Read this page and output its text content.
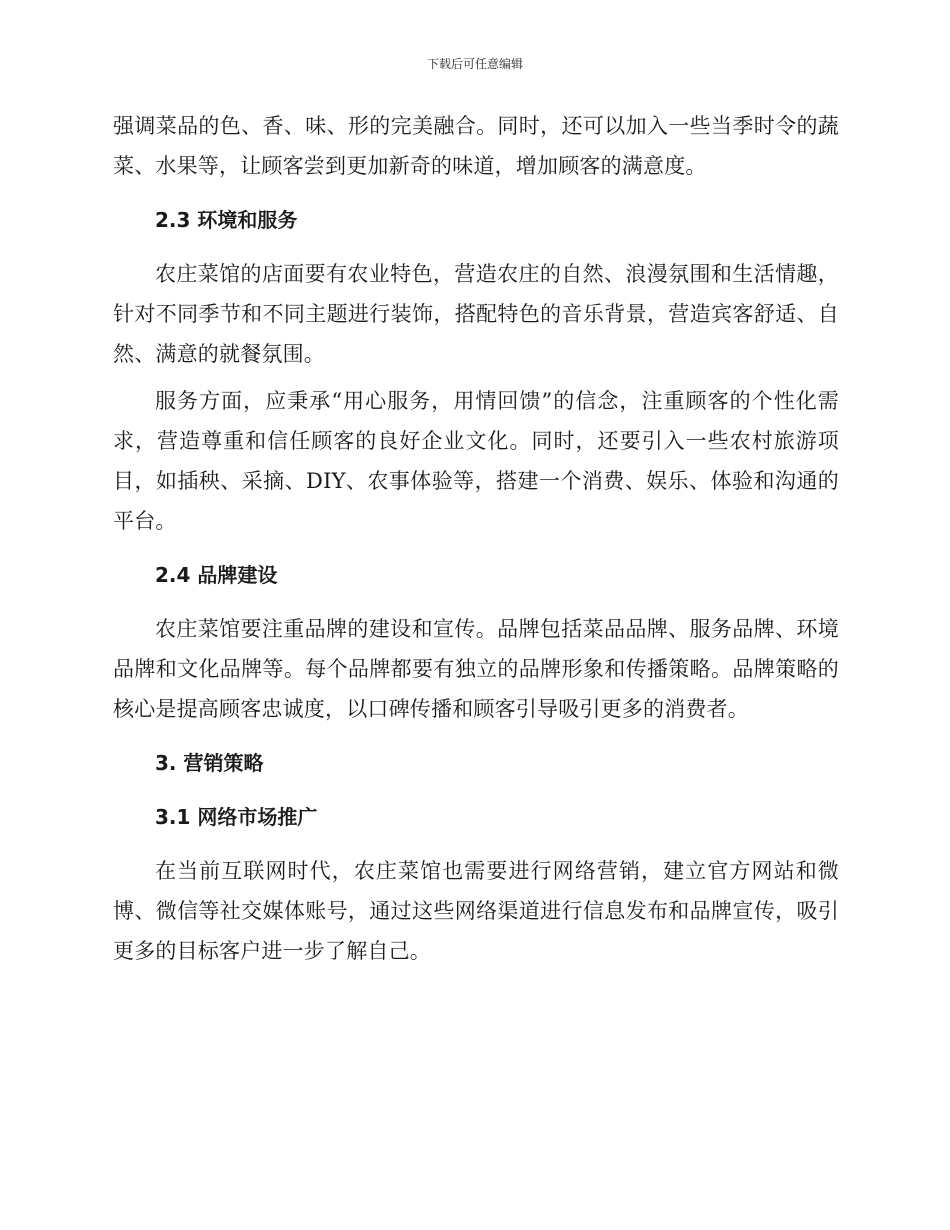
下载后可任意编辑

强调菜品的色、香、味、形的完美融合。同时，还可以加入一些当季时令的蔬菜、水果等，让顾客尝到更加新奇的味道，增加顾客的满意度。

2.3 环境和服务

农庄菜馆的店面要有农业特色，营造农庄的自然、浪漫氛围和生活情趣，针对不同季节和不同主题进行装饰，搭配特色的音乐背景，营造宾客舒适、自然、满意的就餐氛围。

服务方面，应秉承“用心服务，用情回馈”的信念，注重顾客的个性化需求，营造尊重和信任顾客的良好企业文化。同时，还要引入一些农村旅游项目，如插秧、采摘、DIY、农事体验等，搭建一个消费、娱乐、体验和沟通的平台。

2.4 品牌建设

农庄菜馆要注重品牌的建设和宣传。品牌包括菜品品牌、服务品牌、环境品牌和文化品牌等。每个品牌都要有独立的品牌形象和传播策略。品牌策略的核心是提高顾客忠诚度，以口碑传播和顾客引导吸引更多的消费者。

3. 营销策略
3.1 网络市场推广

在当前互联网时代，农庄菜馆也需要进行网络营销，建立官方网站和微博、微信等社交媒体账号，通过这些网络渠道进行信息发布和品牌宣传，吸引更多的目标客户进一步了解自己。
